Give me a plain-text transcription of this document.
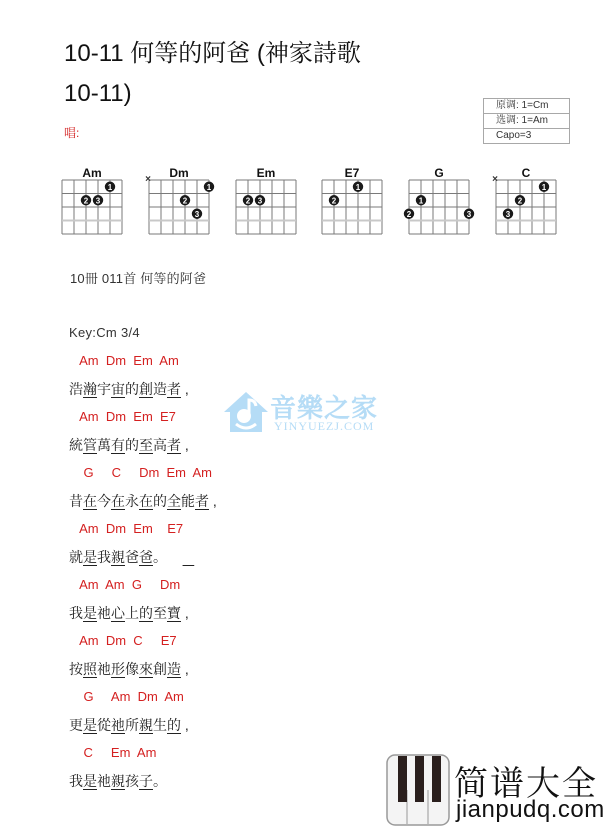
10-11 何等的阿爸 (神家詩歌 10-11)
唱:
原调: 1=Cm
选调: 1=Am
Capo=3
Am
1
2 3
Dm
×
1
2
3
Em
2 3
E7
1
2
G
1
2	3
C
×
1
2
3
10冊 011首 何等的阿爸
Key:Cm 3/4
Am  Dm  Em  Am
浩瀚宇宙的創造者 ,
Am  Dm  Em  E7
統管萬有的至高者 ,
G     C     Dm  Em  Am
昔在今在永在的全能者 ,
Am  Dm  Em    E7
就是我親爸爸。
Am  Am  G     Dm
我是祂心上的至寶 ,
Am  Dm  C     E7
按照祂形像來創造 ,
G     Am  Dm  Am
更是從祂所親生的 ,
C     Em  Am
我是祂親孩子。
音樂之家
YINYUEZJ.COM
简谱大全
jianpudq.com
